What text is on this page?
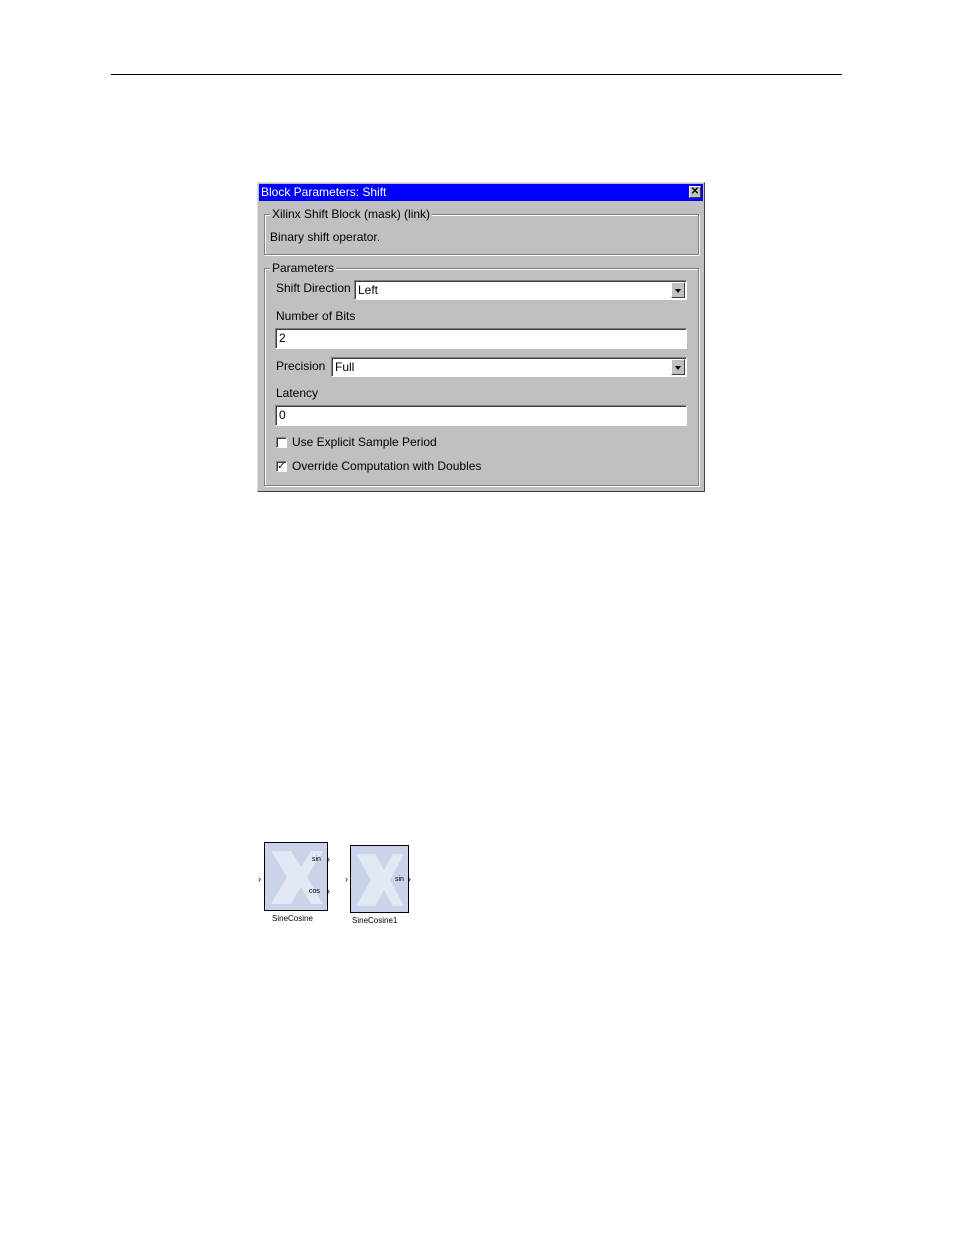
Block Parameters: Shift	✕
Xilinx Shift Block (mask) (link)
Binary shift operator.
Parameters
Shift Direction Left
Number of Bits
2
Precision Full
Latency
0
Use Explicit Sample Period
✓ Override Computation with Doubles
›
sin
cos
›
›
SineCosine
›	sin ›
SineCosine1
